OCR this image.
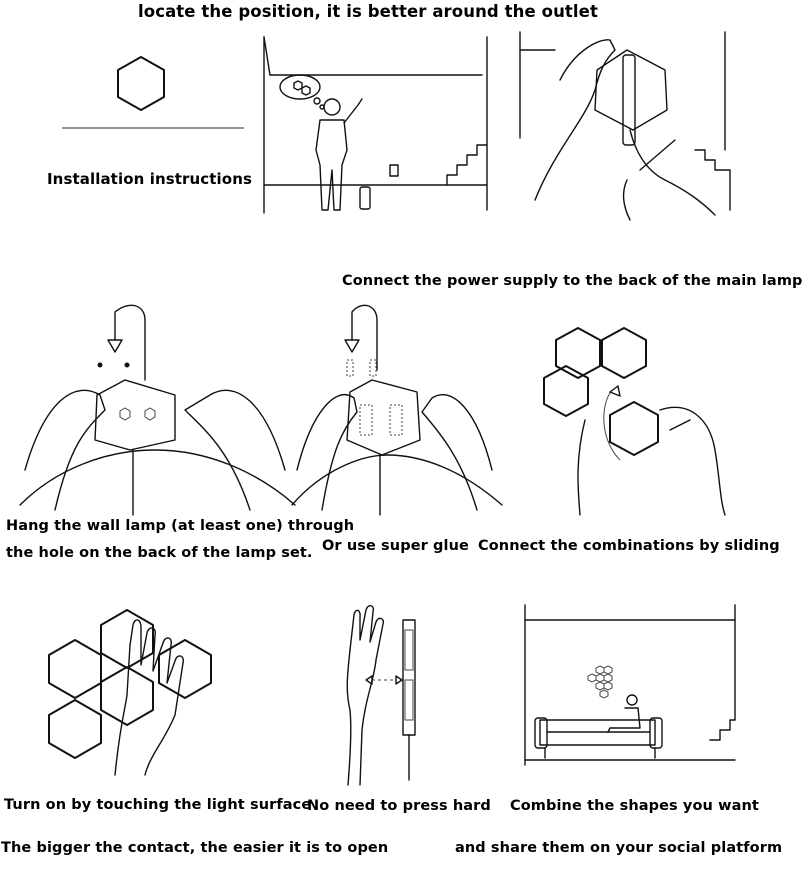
locate the position, it is better around the outlet
Installation instructions
Connect the power supply to the back of the main lamp
Hang the wall lamp (at least one) through
the hole on the back of the lamp set. Or use super glue Connect the combinations by sliding
Turn on by touching the light surface
The bigger the contact, the easier it is to open
No need to press hard Combine the shapes you want
and share them on your social platform
